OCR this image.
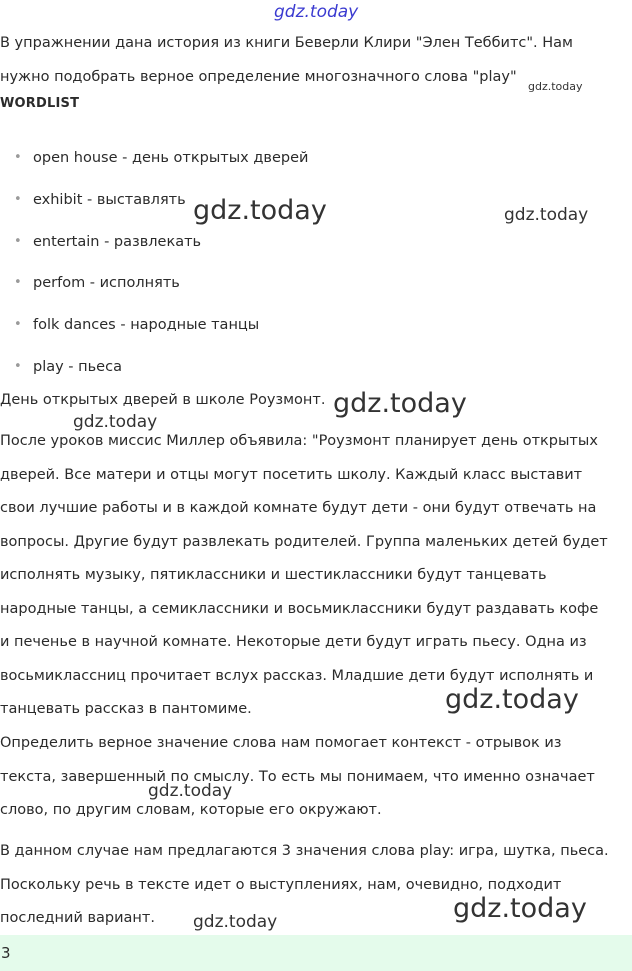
gdz.today
В упражнении дана история из книги Беверли Клири "Элен Теббитс". Нам
нужно подобрать верное определение многозначного слова "play"
gdz.today
WORDLIST
• open house - день открытых дверей
• exhibit - выставлять
• entertain - развлекать
• perfom - исполнять
• folk dances - народные танцы
• play - пьеса
gdz.today	gdz.today
День открытых дверей в школе Роузмонт. gdz.today
gdz.today
После уроков миссис Миллер объявила: "Роузмонт планирует день открытых
дверей. Все матери и отцы могут посетить школу. Каждый класс выставит
свои лучшие работы и в каждой комнате будут дети - они будут отвечать на
вопросы. Другие будут развлекать родителей. Группа маленьких детей будет
исполнять музыку, пятиклассники и шестиклассники будут танцевать
народные танцы, а семиклассники и восьмиклассники будут раздавать кофе
и печенье в научной комнате. Некоторые дети будут играть пьесу. Одна из
восьмиклассниц прочитает вслух рассказ. Младшие дети будут исполнять и
танцевать рассказ в пантомиме.	gdz.today
Определить верное значение слова нам помогает контекст - отрывок из
текста, завершенный по смыслу. То есть мы понимаем, что именно означает
слово, по другим словам, которые его окружают.
gdz.today
В данном случае нам предлагаются 3 значения слова play: игра, шутка, пьеса.
Поскольку речь в тексте идет о выступлениях, нам, очевидно, подходит
последний вариант.	gdz.today
gdz.today
3
